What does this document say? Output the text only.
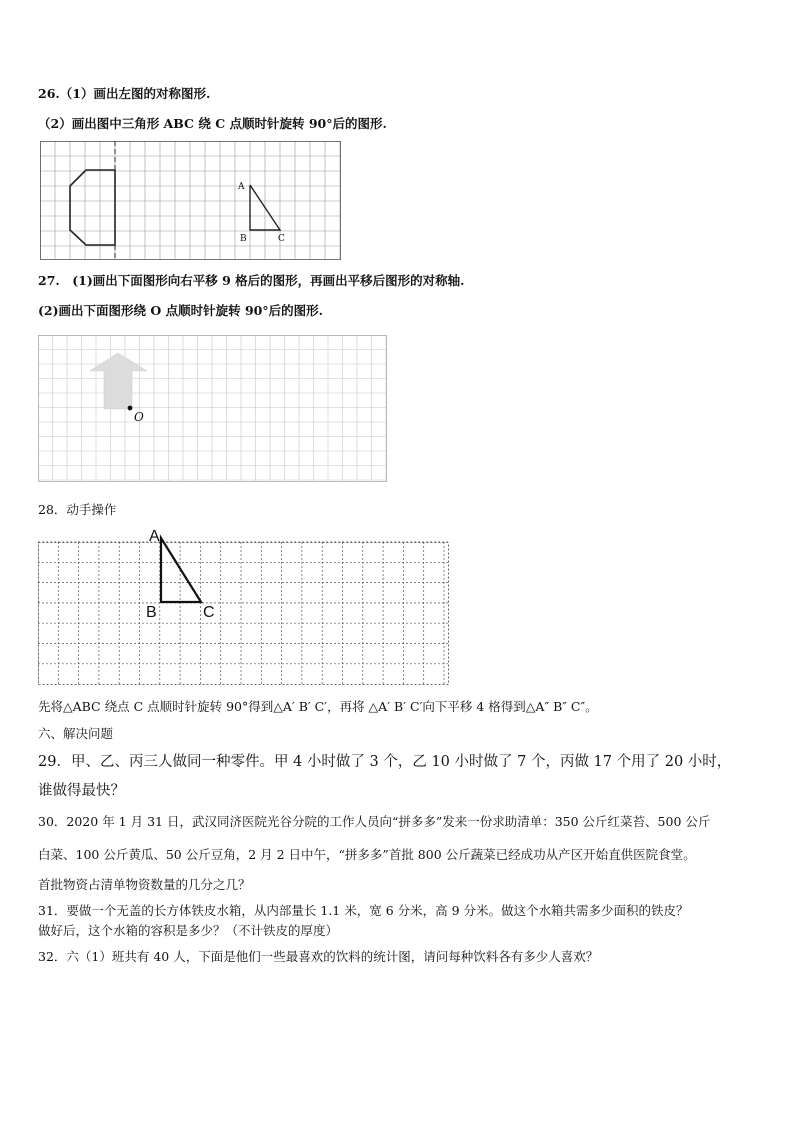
26.（1）画出左图的对称图形.
（2）画出图中三角形 ABC 绕 C 点顺时针旋转 90°后的图形.
A
B	C
27.　(1)画出下面图形向右平移 9 格后的图形，再画出平移后图形的对称轴.
(2)画出下面图形绕 O 点顺时针旋转 90°后的图形.
O
28．动手操作
A
B	C
先将△ABC 绕点 C 点顺时针旋转 90°得到△A′ B′ C′，再将 △A′ B′ C′向下平移 4 格得到△A″ B″ C″。
六、解决问题
29．甲、乙、丙三人做同一种零件。甲 4 小时做了 3 个，乙 10 小时做了 7 个，丙做 17 个用了 20 小时，
谁做得最快？
30．2020 年 1 月 31 日，武汉同济医院光谷分院的工作人员向“拼多多”发来一份求助清单：350 公斤红菜苔、500 公斤
白菜、100 公斤黄瓜、50 公斤豆角，2 月 2 日中午，“拼多多”首批 800 公斤蔬菜已经成功从产区开始直供医院食堂。
首批物资占清单物资数量的几分之几？
31．要做一个无盖的长方体铁皮水箱，从内部量长 1.1 米，宽 6 分米，高 9 分米。做这个水箱共需多少面积的铁皮？
做好后，这个水箱的容积是多少？（不计铁皮的厚度）
32．六（1）班共有 40 人，下面是他们一些最喜欢的饮料的统计图，请问每种饮料各有多少人喜欢？
